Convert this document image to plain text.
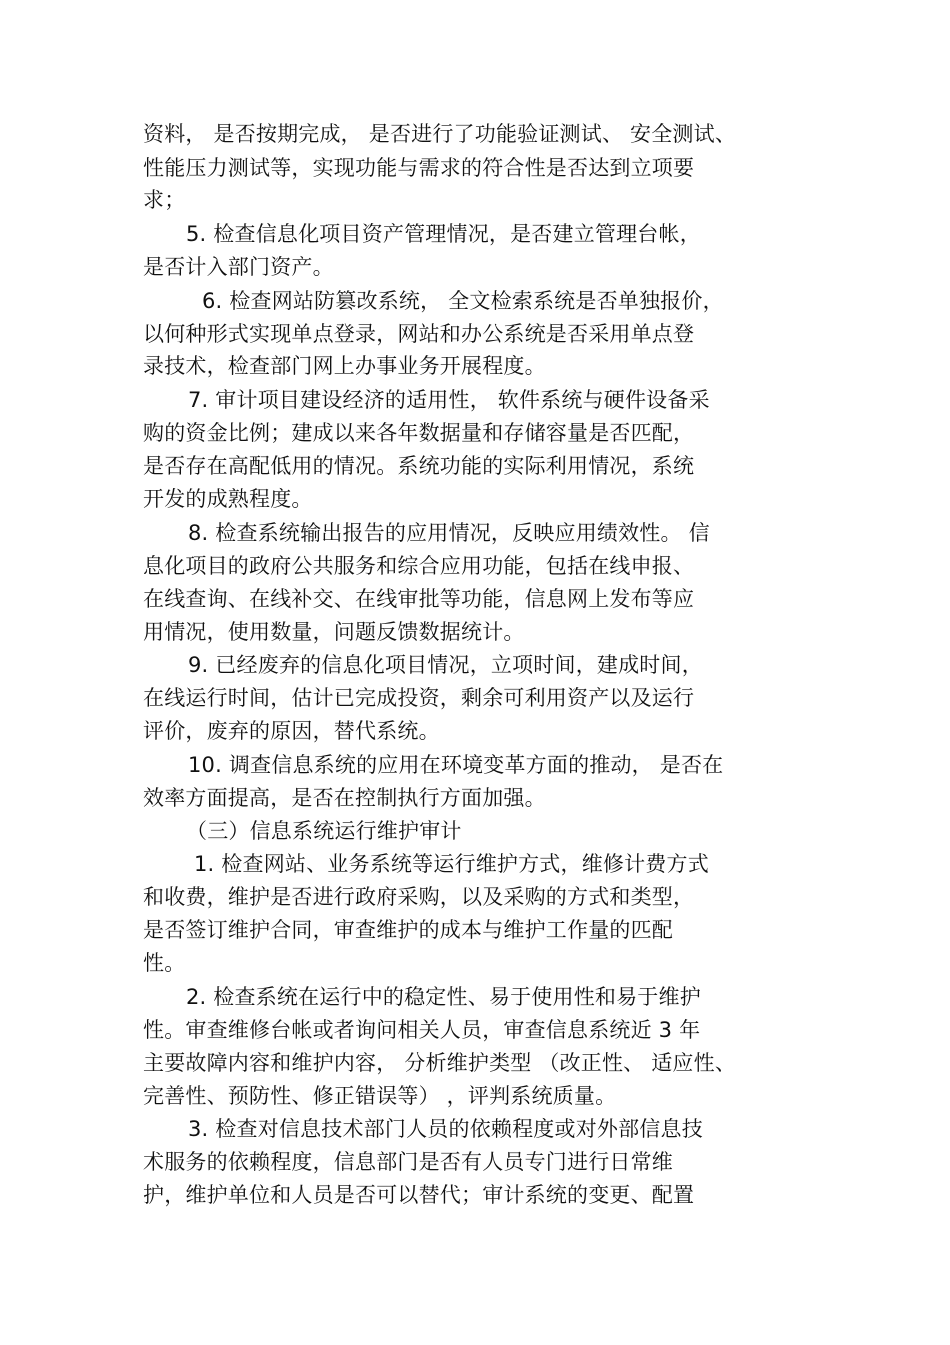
资料， 是否按期完成， 是否进行了功能验证测试、 安全测试、
性能压力测试等，实现功能与需求的符合性是否达到立项要
求；
5. 检查信息化项目资产管理情况，是否建立管理台帐，
是否计入部门资产。
6. 检查网站防篡改系统， 全文检索系统是否单独报价，
以何种形式实现单点登录，网站和办公系统是否采用单点登
录技术，检查部门网上办事业务开展程度。
7. 审计项目建设经济的适用性， 软件系统与硬件设备采
购的资金比例；建成以来各年数据量和存储容量是否匹配，
是否存在高配低用的情况。系统功能的实际利用情况，系统
开发的成熟程度。
8. 检查系统输出报告的应用情况，反映应用绩效性。 信
息化项目的政府公共服务和综合应用功能，包括在线申报、
在线查询、在线补交、在线审批等功能，信息网上发布等应
用情况，使用数量，问题反馈数据统计。
9. 已经废弃的信息化项目情况，立项时间，建成时间，
在线运行时间，估计已完成投资，剩余可利用资产以及运行
评价，废弃的原因，替代系统。
10. 调查信息系统的应用在环境变革方面的推动， 是否在
效率方面提高，是否在控制执行方面加强。
（三）信息系统运行维护审计
1. 检查网站、业务系统等运行维护方式，维修计费方式
和收费，维护是否进行政府采购，以及采购的方式和类型，
是否签订维护合同，审查维护的成本与维护工作量的匹配
性。
2. 检查系统在运行中的稳定性、易于使用性和易于维护
性。审查维修台帐或者询问相关人员，审查信息系统近 3 年
主要故障内容和维护内容， 分析维护类型 （改正性、 适应性、
完善性、预防性、修正错误等） ，评判系统质量。
3. 检查对信息技术部门人员的依赖程度或对外部信息技
术服务的依赖程度，信息部门是否有人员专门进行日常维
护，维护单位和人员是否可以替代；审计系统的变更、配置
